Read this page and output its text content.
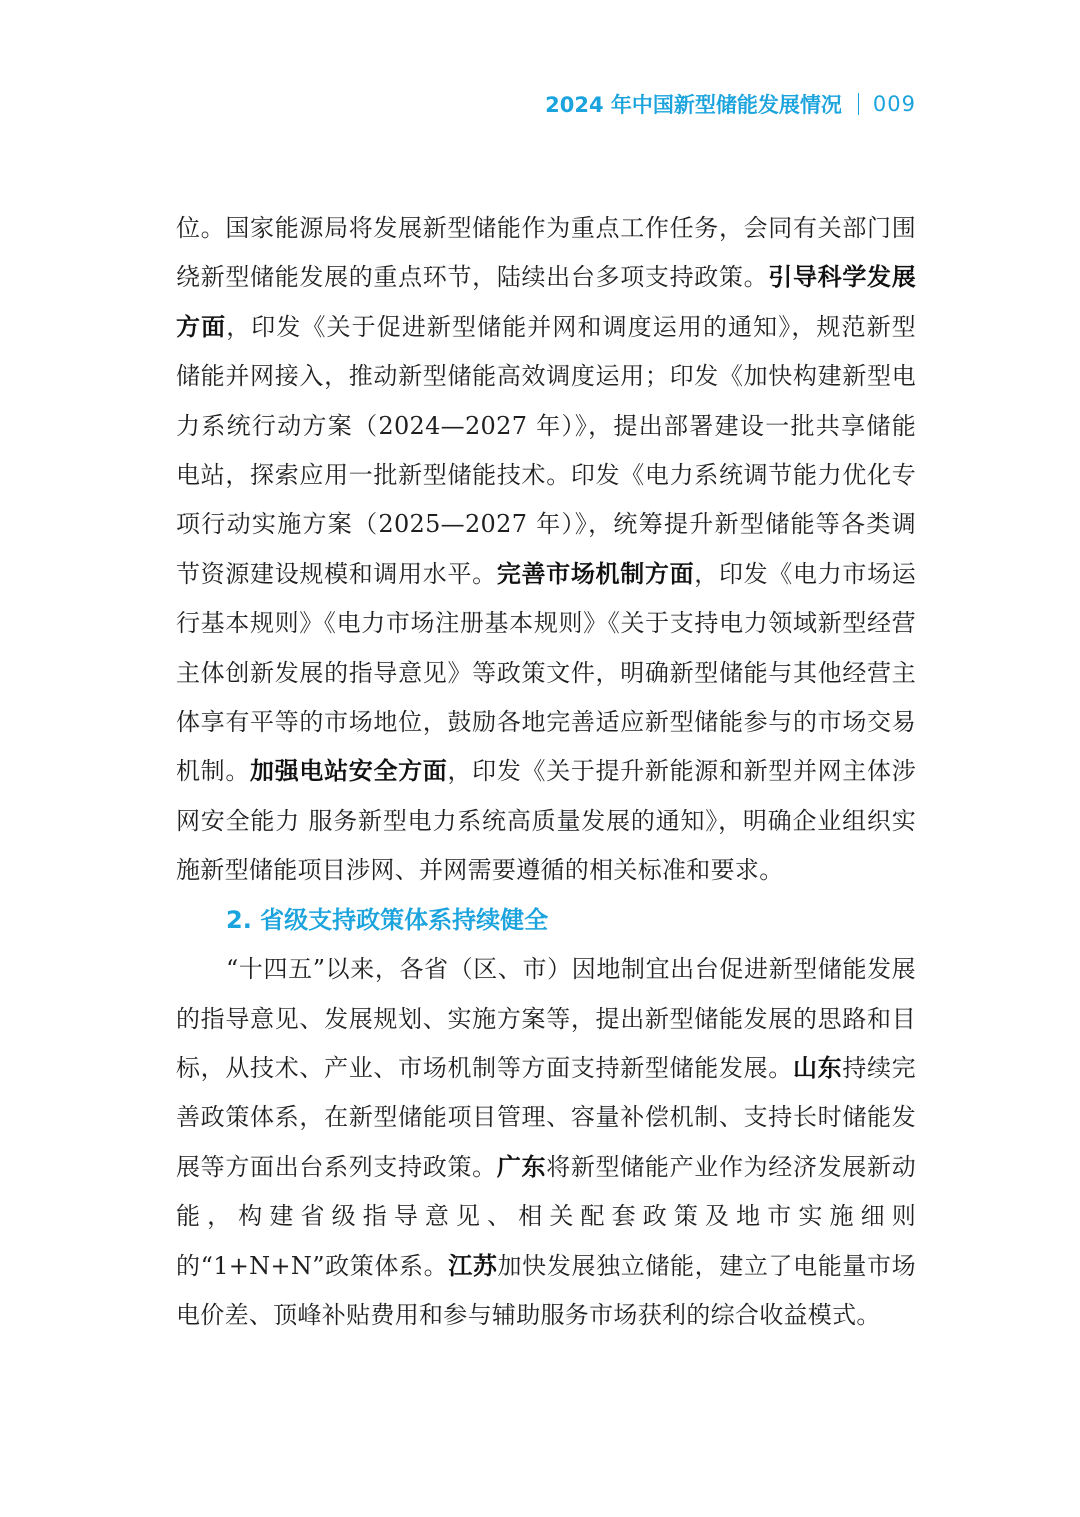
2024 年中国新型储能发展情况 009

位。国家能源局将发展新型储能作为重点工作任务，会同有关部门围绕新型储能发展的重点环节，陆续出台多项支持政策。引导科学发展方面，印发《关于促进新型储能并网和调度运用的通知》，规范新型储能并网接入，推动新型储能高效调度运用；印发《加快构建新型电力系统行动方案（2024—2027 年）》，提出部署建设一批共享储能电站，探索应用一批新型储能技术。印发《电力系统调节能力优化专项行动实施方案（2025—2027 年）》，统筹提升新型储能等各类调节资源建设规模和调用水平。完善市场机制方面，印发《电力市场运行基本规则》《电力市场注册基本规则》《关于支持电力领域新型经营主体创新发展的指导意见》等政策文件，明确新型储能与其他经营主体享有平等的市场地位，鼓励各地完善适应新型储能参与的市场交易机制。加强电站安全方面，印发《关于提升新能源和新型并网主体涉网安全能力 服务新型电力系统高质量发展的通知》，明确企业组织实施新型储能项目涉网、并网需要遵循的相关标准和要求。

2. 省级支持政策体系持续健全

“十四五”以来，各省（区、市）因地制宜出台促进新型储能发展的指导意见、发展规划、实施方案等，提出新型储能发展的思路和目标，从技术、产业、市场机制等方面支持新型储能发展。山东持续完善政策体系，在新型储能项目管理、容量补偿机制、支持长时储能发展等方面出台系列支持政策。广东将新型储能产业作为经济发展新动能，构建省级指导意见、相关配套政策及地市实施细则的“1+N+N”政策体系。江苏加快发展独立储能，建立了电能量市场电价差、顶峰补贴费用和参与辅助服务市场获利的综合收益模式。
